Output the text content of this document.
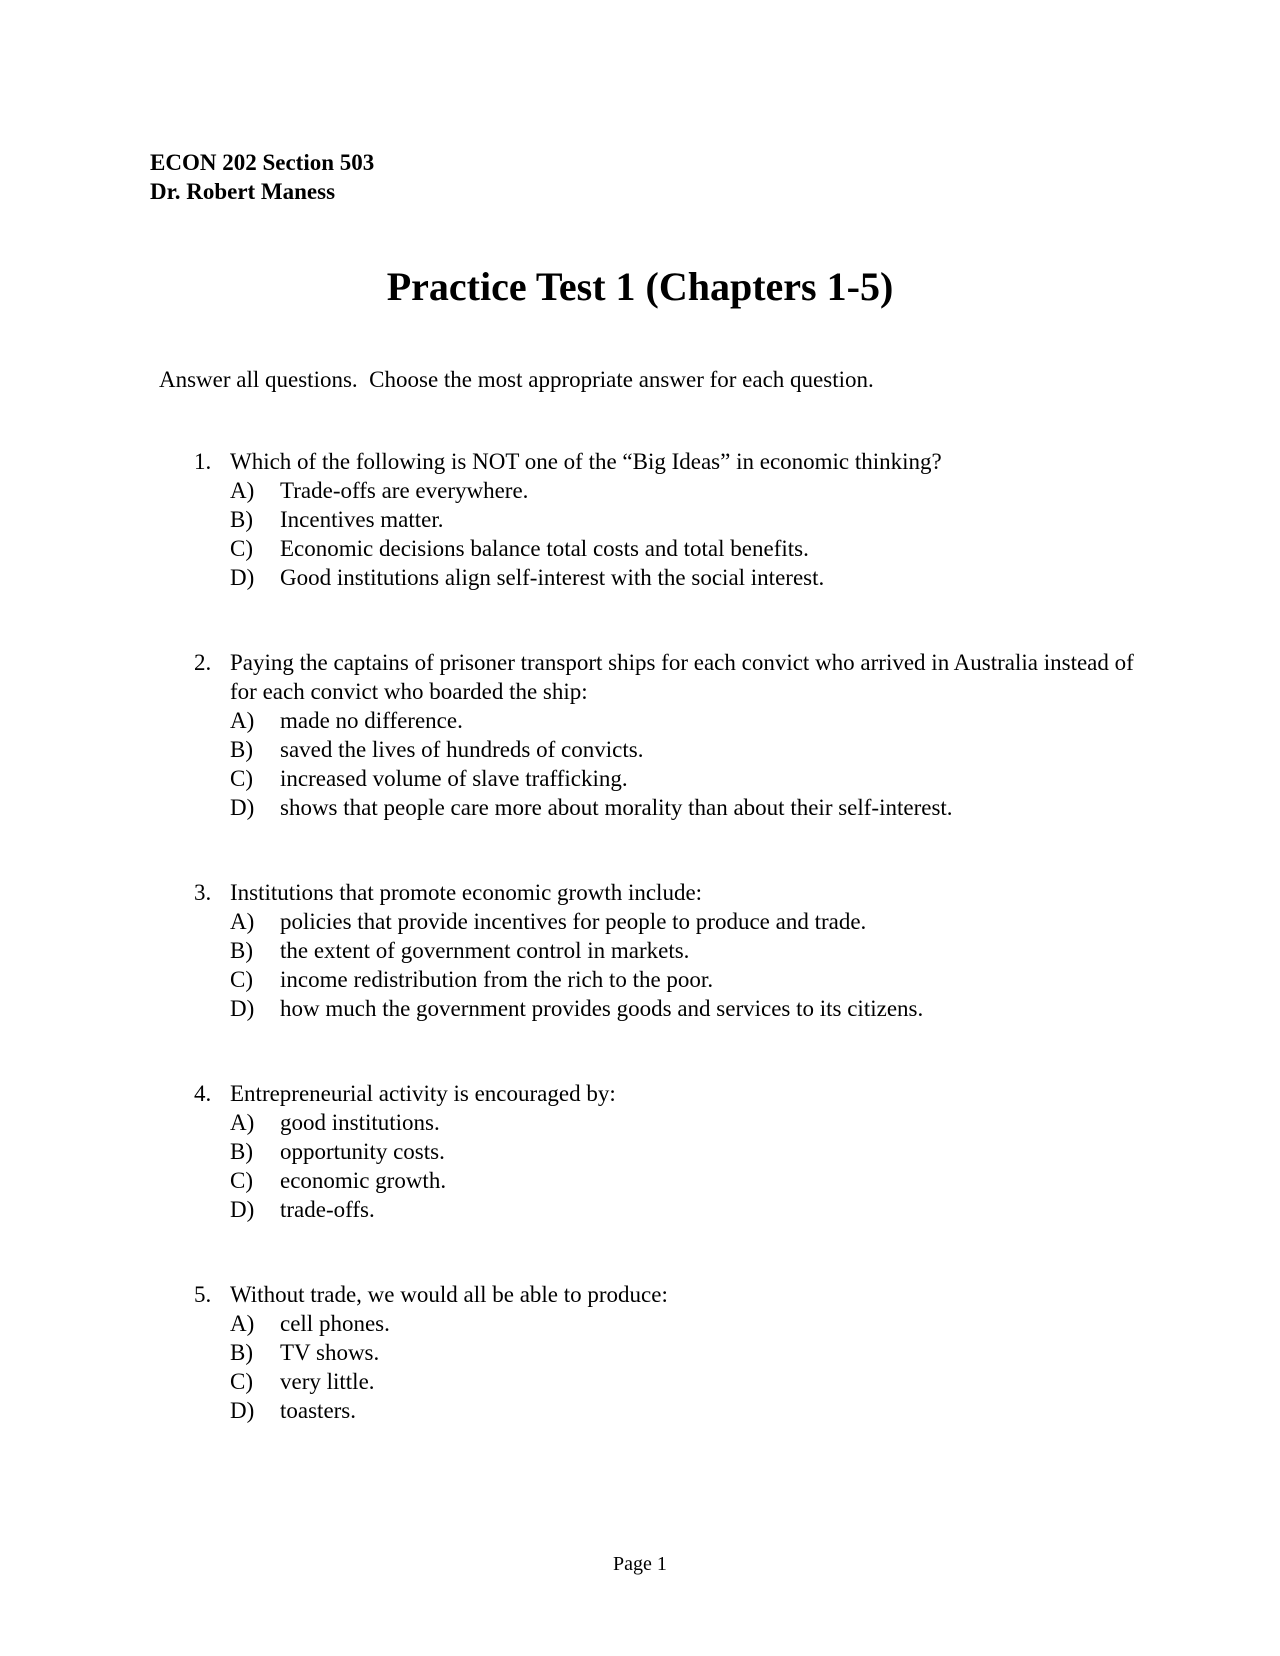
ECON 202 Section 503
Dr. Robert Maness
Practice Test 1 (Chapters 1-5)
Answer all questions.  Choose the most appropriate answer for each question.
1. Which of the following is NOT one of the “Big Ideas” in economic thinking?
A) Trade-offs are everywhere.
B) Incentives matter.
C) Economic decisions balance total costs and total benefits.
D) Good institutions align self-interest with the social interest.
2. Paying the captains of prisoner transport ships for each convict who arrived in Australia instead of for each convict who boarded the ship:
A) made no difference.
B) saved the lives of hundreds of convicts.
C) increased volume of slave trafficking.
D) shows that people care more about morality than about their self-interest.
3. Institutions that promote economic growth include:
A) policies that provide incentives for people to produce and trade.
B) the extent of government control in markets.
C) income redistribution from the rich to the poor.
D) how much the government provides goods and services to its citizens.
4. Entrepreneurial activity is encouraged by:
A) good institutions.
B) opportunity costs.
C) economic growth.
D) trade-offs.
5. Without trade, we would all be able to produce:
A) cell phones.
B) TV shows.
C) very little.
D) toasters.
Page 1
